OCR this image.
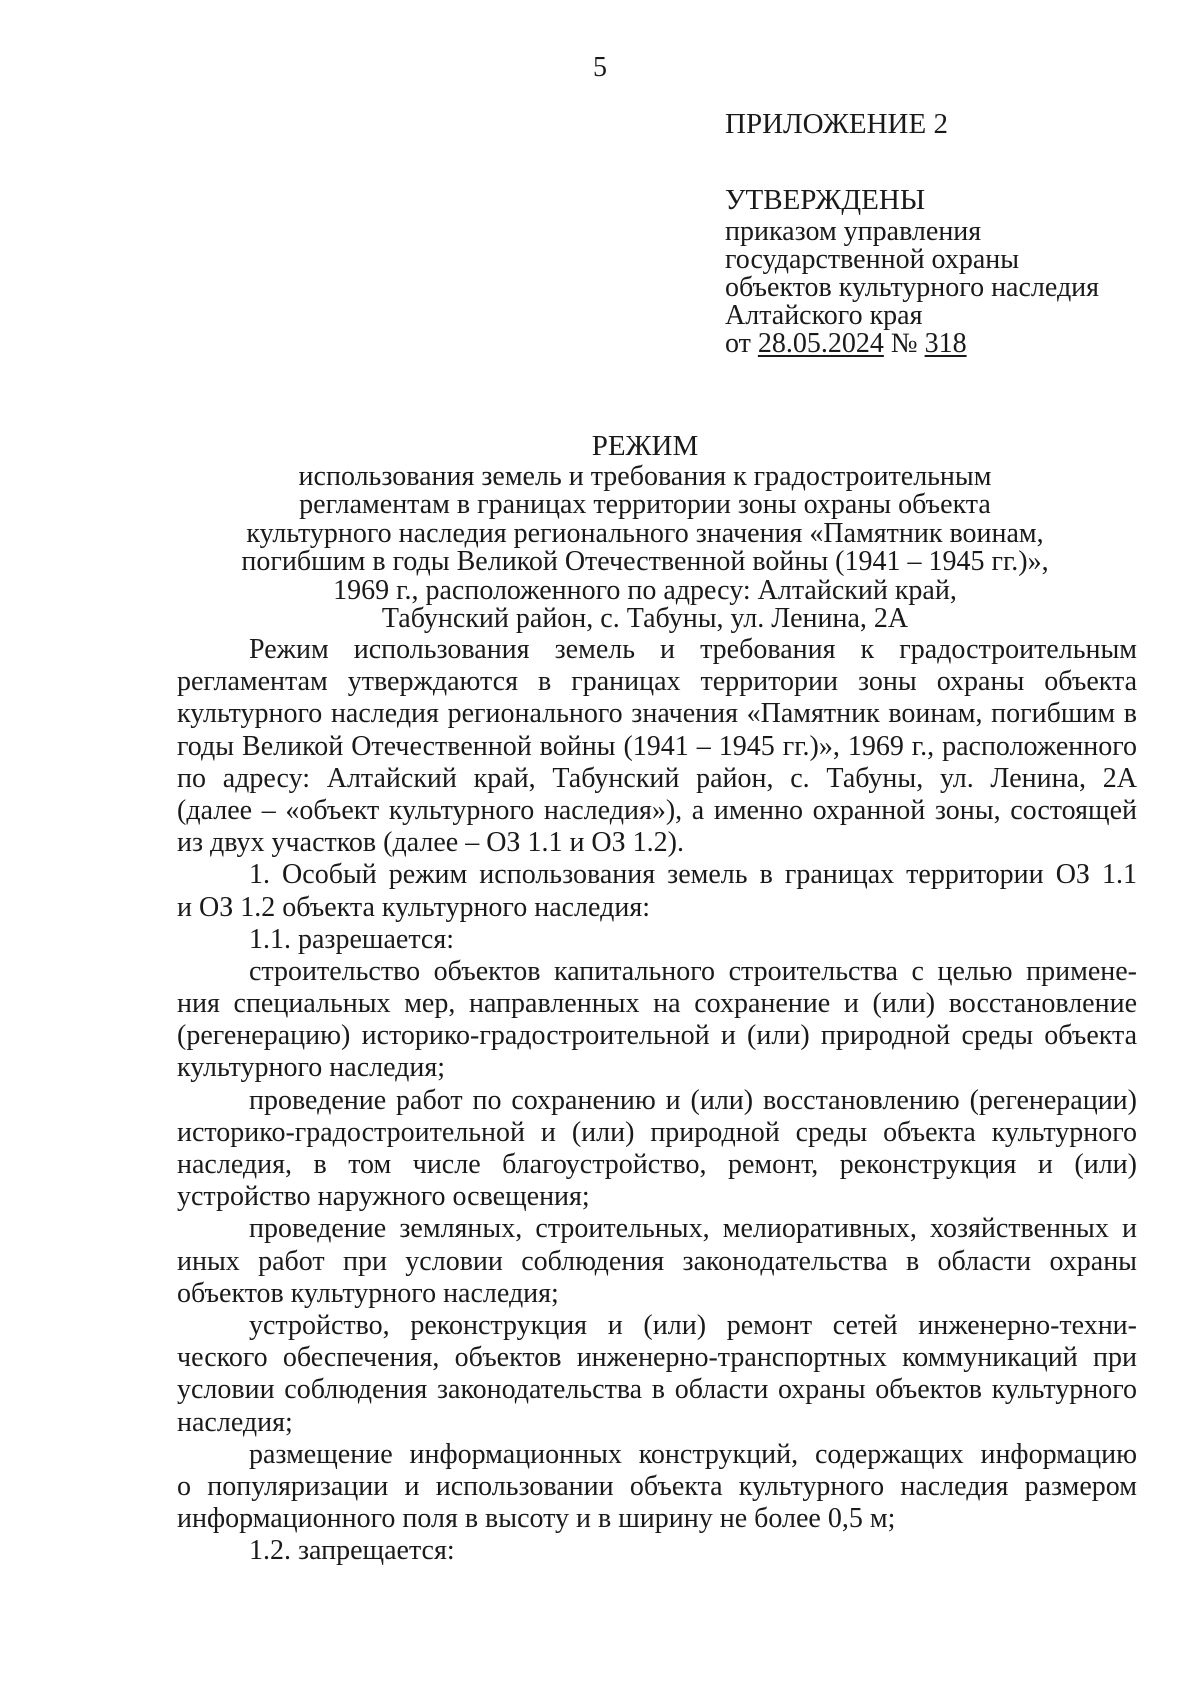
5
ПРИЛОЖЕНИЕ 2
УТВЕРЖДЕНЫ
приказом управления
государственной охраны
объектов культурного наследия
Алтайского края
от 28.05.2024 № 318
РЕЖИМ
использования земель и требования к градостроительным
регламентам в границах территории зоны охраны объекта
культурного наследия регионального значения «Памятник воинам,
погибшим в годы Великой Отечественной войны (1941 – 1945 гг.)»,
1969 г., расположенного по адресу: Алтайский край,
Табунский район, с. Табуны, ул. Ленина, 2А
Режим использования земель и требования к градостроительным
регламентам утверждаются в границах территории зоны охраны объекта
культурного наследия регионального значения «Памятник воинам, погибшим в
годы Великой Отечественной войны (1941 – 1945 гг.)», 1969 г., расположенного
по адресу: Алтайский край, Табунский район, с. Табуны, ул. Ленина, 2А
(далее – «объект культурного наследия»), а именно охранной зоны, состоящей
из двух участков (далее – ОЗ 1.1 и ОЗ 1.2).
1. Особый режим использования земель в границах территории ОЗ 1.1
и ОЗ 1.2 объекта культурного наследия:
1.1. разрешается:
строительство объектов капитального строительства с целью примене-
ния специальных мер, направленных на сохранение и (или) восстановление
(регенерацию) историко-градостроительной и (или) природной среды объекта
культурного наследия;
проведение работ по сохранению и (или) восстановлению (регенерации)
историко-градостроительной и (или) природной среды объекта культурного
наследия, в том числе благоустройство, ремонт, реконструкция и (или)
устройство наружного освещения;
проведение земляных, строительных, мелиоративных, хозяйственных и
иных работ при условии соблюдения законодательства в области охраны
объектов культурного наследия;
устройство, реконструкция и (или) ремонт сетей инженерно-техни-
ческого обеспечения, объектов инженерно-транспортных коммуникаций при
условии соблюдения законодательства в области охраны объектов культурного
наследия;
размещение информационных конструкций, содержащих информацию
о популяризации и использовании объекта культурного наследия размером
информационного поля в высоту и в ширину не более 0,5 м;
1.2. запрещается:
